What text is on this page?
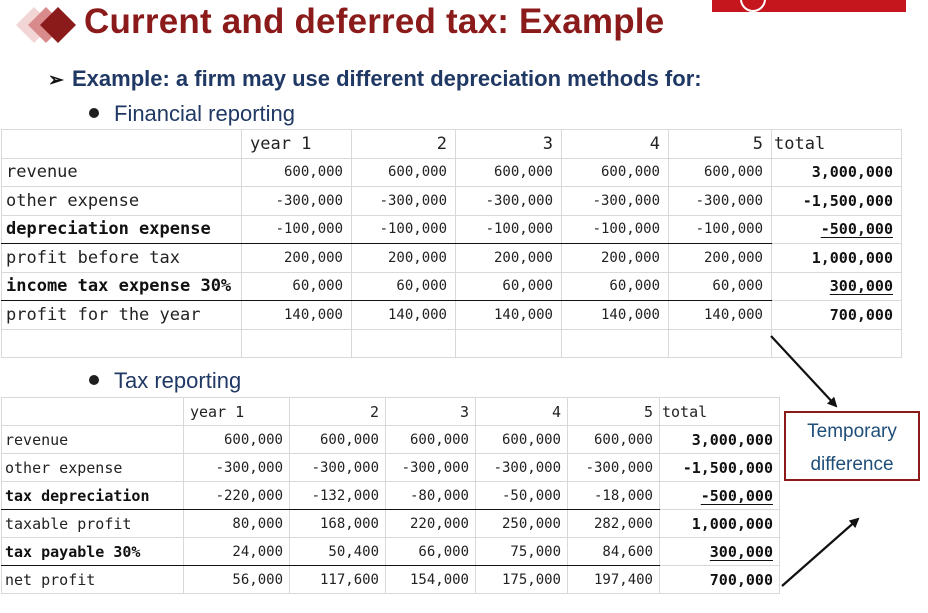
Current and deferred tax: Example
➢ Example: a firm may use different depreciation methods for:
Financial reporting
	year 1	2	3	4	5	total
revenue	600,000	600,000	600,000	600,000	600,000	3,000,000
other expense	-300,000	-300,000	-300,000	-300,000	-300,000	-1,500,000
depreciation expense	-100,000	-100,000	-100,000	-100,000	-100,000	-500,000
profit before tax	200,000	200,000	200,000	200,000	200,000	1,000,000
income tax expense 30%	60,000	60,000	60,000	60,000	60,000	300,000
profit for the year	140,000	140,000	140,000	140,000	140,000	700,000

Tax reporting
	year 1	2	3	4	5	total
revenue	600,000	600,000	600,000	600,000	600,000	3,000,000
other expense	-300,000	-300,000	-300,000	-300,000	-300,000	-1,500,000
tax depreciation	-220,000	-132,000	-80,000	-50,000	-18,000	-500,000
taxable profit	80,000	168,000	220,000	250,000	282,000	1,000,000
tax payable 30%	24,000	50,400	66,000	75,000	84,600	300,000
net profit	56,000	117,600	154,000	175,000	197,400	700,000
Temporary
difference
